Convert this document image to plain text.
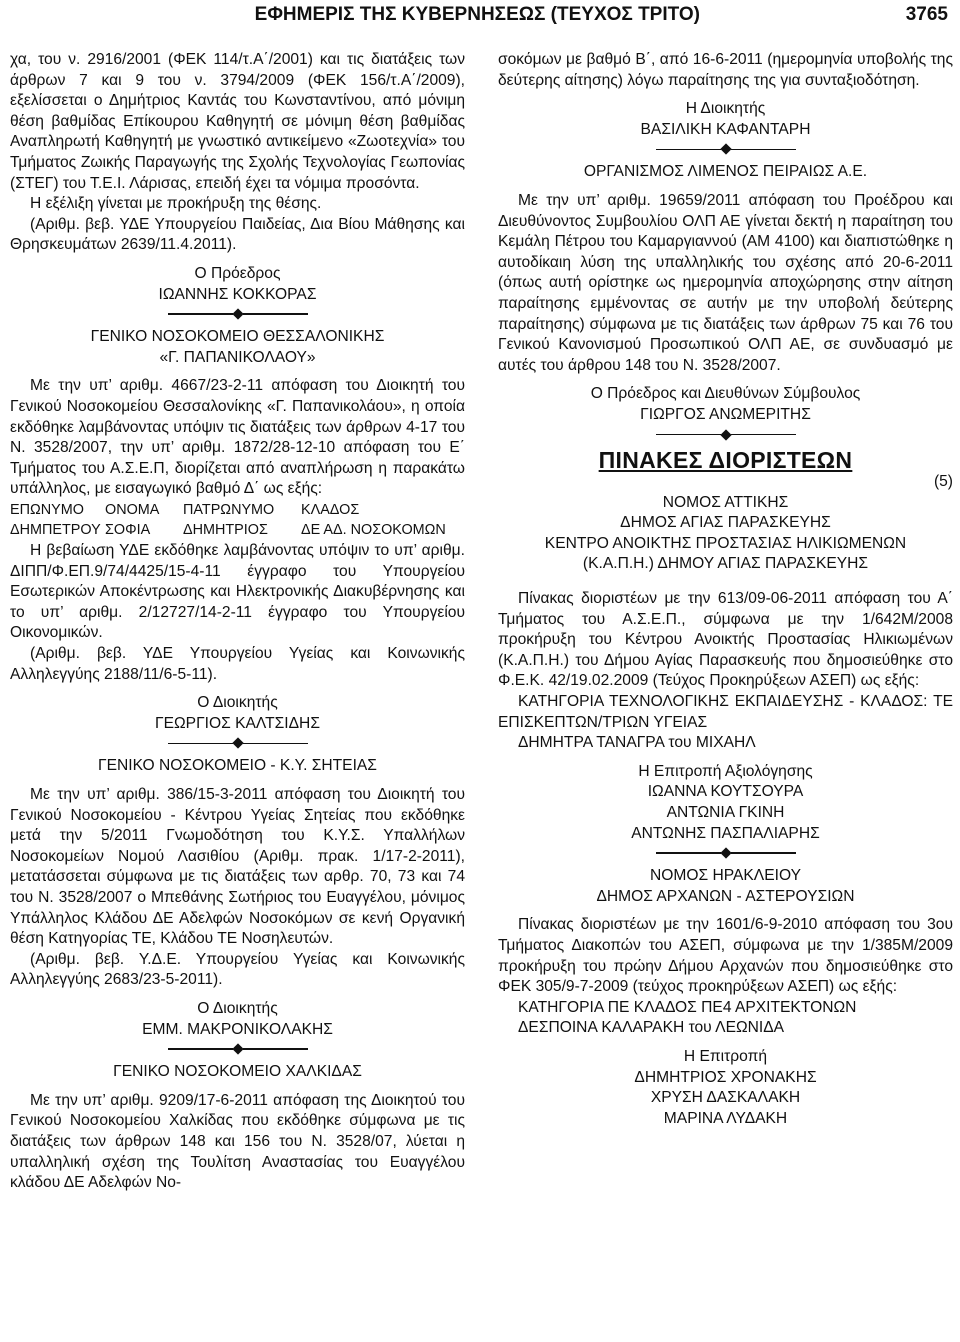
ΕΦΗΜΕΡΙΣ ΤΗΣ ΚΥΒΕΡΝΗΣΕΩΣ (ΤΕΥΧΟΣ ΤΡΙΤΟ)	3765

χα, του ν. 2916/2001 (ΦΕΚ 114/τ.Α΄/2001) και τις διατάξεις των άρθρων 7 και 9 του ν. 3794/2009 (ΦΕΚ 156/τ.Α΄/2009), εξελίσσεται ο Δημήτριος Καντάς του Κωνσταντίνου, από μόνιμη θέση βαθμίδας Επίκουρου Καθηγητή σε μόνιμη θέση βαθμίδας Αναπληρωτή Καθηγητή με γνωστικό αντικείμενο «Ζωοτεχνία» του Τμήματος Ζωικής Παραγωγής της Σχολής Τεχνολογίας Γεωπονίας (ΣΤΕΓ) του Τ.Ε.Ι. Λάρισας, επειδή έχει τα νόμιμα προσόντα.

Η εξέλιξη γίνεται με προκήρυξη της θέσης.

(Αριθμ. βεβ. ΥΔΕ Υπουργείου Παιδείας, Δια Βίου Μάθησης και Θρησκευμάτων 2639/11.4.2011).

Ο Πρόεδρος
ΙΩΑΝΝΗΣ ΚΟΚΚΟΡΑΣ
ΓΕΝΙΚΟ ΝΟΣΟΚΟΜΕΙΟ ΘΕΣΣΑΛΟΝΙΚΗΣ
«Γ. ΠΑΠΑΝΙΚΟΛΑΟΥ»

Με την υπ’ αριθμ. 4667/23-2-11 απόφαση του Διοικητή του Γενικού Νοσοκομείου Θεσσαλονίκης «Γ. Παπανικολάου», η οποία εκδόθηκε λαμβάνοντας υπόψιν τις διατάξεις των άρθρων 4-17 του Ν. 3528/2007, την υπ’ αριθμ. 1872/28-12-10 απόφαση του Ε΄ Τμήματος του Α.Σ.Ε.Π, διορίζεται από αναπλήρωση η παρακάτω υπάλληλος, με εισαγωγικό βαθμό Δ΄ ως εξής:

ΕΠΩΝΥΜΟ	ΟΝΟΜΑ	ΠΑΤΡΩΝΥΜΟ	ΚΛΑΔΟΣ
ΔΗΜΠΕΤΡΟΥ ΣΟΦΙΑ	ΔΗΜΗΤΡΙΟΣ	ΔΕ ΑΔ. ΝΟΣΟΚΟΜΩΝ

Η βεβαίωση ΥΔΕ εκδόθηκε λαμβάνοντας υπόψιν το υπ’ αριθμ. ΔΙΠΠ/Φ.ΕΠ.9/74/4425/15-4-11 έγγραφο του Υπουργείου Εσωτερικών Αποκέντρωσης και Ηλεκτρονικής Διακυβέρνησης και το υπ’ αριθμ. 2/12727/14-2-11 έγγραφο του Υπουργείου Οικονομικών.

(Αριθμ. βεβ. ΥΔΕ Υπουργείου Υγείας και Κοινωνικής Αλληλεγγύης 2188/11/6-5-11).

Ο Διοικητής
ΓΕΩΡΓΙΟΣ ΚΑΛΤΣΙΔΗΣ
ΓΕΝΙΚΟ ΝΟΣΟΚΟΜΕΙΟ - Κ.Υ. ΣΗΤΕΙΑΣ

Με την υπ’ αριθμ. 386/15-3-2011 απόφαση του Διοικητή του Γενικού Νοσοκομείου - Κέντρου Υγείας Σητείας που εκδόθηκε μετά την 5/2011 Γνωμοδότηση του Κ.Υ.Σ. Υπαλλήλων Νοσοκομείων Νομού Λασιθίου (Αριθμ. πρακ. 1/17-2-2011), μετατάσσεται σύμφωνα με τις διατάξεις των αρθρ. 70, 73 και 74 του Ν. 3528/2007 ο Μπεθάνης Σωτήριος του Ευαγγέλου, μόνιμος Υπάλληλος Κλάδου ΔΕ Αδελφών Νοσοκόμων σε κενή Οργανική θέση Κατηγορίας ΤΕ, Κλάδου ΤΕ Νοσηλευτών.

(Αριθμ. βεβ. Υ.Δ.Ε. Υπουργείου Υγείας και Κοινωνικής Αλληλεγγύης 2683/23-5-2011).

Ο Διοικητής
ΕΜΜ. ΜΑΚΡΟΝΙΚΟΛΑΚΗΣ
ΓΕΝΙΚΟ ΝΟΣΟΚΟΜΕΙΟ ΧΑΛΚΙΔΑΣ

Με την υπ’ αριθμ. 9209/17-6-2011 απόφαση της Διοικητού του Γενικού Νοσοκομείου Χαλκίδας που εκδόθηκε σύμφωνα με τις διατάξεις των άρθρων 148 και 156 του Ν. 3528/07, λύεται η υπαλληλική σχέση της Τουλίτση Αναστασίας του Ευαγγέλου κλάδου ΔΕ Αδελφών Νο-

σοκόμων με βαθμό Β΄, από 16-6-2011 (ημερομηνία υποβολής της δεύτερης αίτησης) λόγω παραίτησης της για συνταξιοδότηση.

Η Διοικητής
ΒΑΣΙΛΙΚΗ ΚΑΦΑΝΤΑΡΗ
ΟΡΓΑΝΙΣΜΟΣ ΛΙΜΕΝΟΣ ΠΕΙΡΑΙΩΣ Α.Ε.

Με την υπ’ αριθμ. 19659/2011 απόφαση του Προέδρου και Διευθύνοντος Συμβουλίου ΟΛΠ ΑΕ γίνεται δεκτή η παραίτηση του Κεμάλη Πέτρου του Καμαργιαννού (ΑΜ 4100) και διαπιστώθηκε η αυτοδίκαιη λύση της υπαλληλικής του σχέσης από 20-6-2011 (όπως αυτή ορίστηκε ως ημερομηνία αποχώρησης στην αίτηση παραίτησης εμμένοντας σε αυτήν με την υποβολή δεύτερης παραίτησης) σύμφωνα με τις διατάξεις των άρθρων 75 και 76 του Γενικού Κανονισμού Προσωπικού ΟΛΠ ΑΕ, σε συνδυασμό με αυτές του άρθρου 148 του Ν. 3528/2007.

Ο Πρόεδρος και Διευθύνων Σύμβουλος
ΓΙΩΡΓΟΣ ΑΝΩΜΕΡΙΤΗΣ
ΠΙΝΑΚΕΣ ΔΙΟΡΙΣΤΕΩΝ
(5)
ΝΟΜΟΣ ΑΤΤΙΚΗΣ
ΔΗΜΟΣ ΑΓΙΑΣ ΠΑΡΑΣΚΕΥΗΣ
ΚΕΝΤΡΟ ΑΝΟΙΚΤΗΣ ΠΡΟΣΤΑΣΙΑΣ ΗΛΙΚΙΩΜΕΝΩΝ
(Κ.Α.Π.Η.) ΔΗΜΟΥ ΑΓΙΑΣ ΠΑΡΑΣΚΕΥΗΣ

Πίνακας διοριστέων με την 613/09-06-2011 απόφαση του Α΄ Τμήματος του Α.Σ.Ε.Π., σύμφωνα με την 1/642Μ/2008 προκήρυξη του Κέντρου Ανοικτής Προστασίας Ηλικιωμένων (Κ.Α.Π.Η.) του Δήμου Αγίας Παρασκευής που δημοσιεύθηκε στο Φ.Ε.Κ. 42/19.02.2009 (Τεύχος Προκηρύξεων ΑΣΕΠ) ως εξής:

ΚΑΤΗΓΟΡΙΑ ΤΕΧΝΟΛΟΓΙΚΗΣ ΕΚΠΑΙΔΕΥΣΗΣ - ΚΛΑΔΟΣ: ΤΕ ΕΠΙΣΚΕΠΤΩΝ/ΤΡΙΩΝ ΥΓΕΙΑΣ

ΔΗΜΗΤΡΑ ΤΑΝΑΓΡΑ του ΜΙΧΑΗΛ

Η Επιτροπή Αξιολόγησης
ΙΩΑΝΝΑ ΚΟΥΤΣΟΥΡΑ
ΑΝΤΩΝΙΑ ΓΚΙΝΗ
ΑΝΤΩΝΗΣ ΠΑΣΠΑΛΙΑΡΗΣ
ΝΟΜΟΣ ΗΡΑΚΛΕΙΟΥ
ΔΗΜΟΣ ΑΡΧΑΝΩΝ - ΑΣΤΕΡΟΥΣΙΩΝ

Πίνακας διοριστέων με την 1601/6-9-2010 απόφαση του 3ου Τμήματος Διακοπών του ΑΣΕΠ, σύμφωνα με την 1/385Μ/2009 προκήρυξη του πρώην Δήμου Αρχανών που δημοσιεύθηκε στο ΦΕΚ 305/9-7-2009 (τεύχος προκηρύξεων ΑΣΕΠ) ως εξής:

ΚΑΤΗΓΟΡΙΑ ΠΕ ΚΛΑΔΟΣ ΠΕ4 ΑΡΧΙΤΕΚΤΟΝΩΝ

ΔΕΣΠΟΙΝΑ ΚΑΛΑΡΑΚΗ του ΛΕΩΝΙΔΑ

Η Επιτροπή
ΔΗΜΗΤΡΙΟΣ ΧΡΟΝΑΚΗΣ
ΧΡΥΣΗ ΔΑΣΚΑΛΑΚΗ
ΜΑΡΙΝΑ ΛΥΔΑΚΗ
